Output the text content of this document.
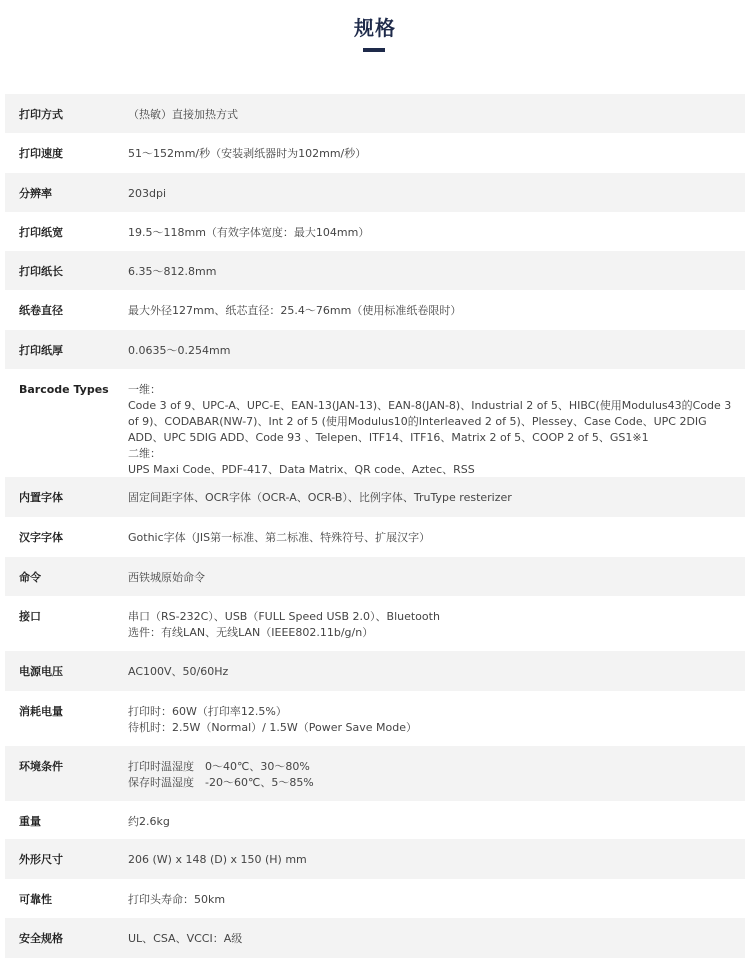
规格
打印方式	（热敏）直接加热方式
打印速度	51～152mm/秒（安装剥纸器时为102mm/秒）
分辨率	203dpi
打印纸宽	19.5～118mm（有效字体宽度：最大104mm）
打印纸长	6.35～812.8mm
纸卷直径	最大外径127mm、纸芯直径：25.4～76mm（使用标准纸卷限时）
打印纸厚	0.0635～0.254mm
Barcode Types	一维：
Code 3 of 9、UPC-A、UPC-E、EAN-13(JAN-13)、EAN-8(JAN-8)、Industrial 2 of 5、HIBC(使用Modulus43的Code 3 of 9)、CODABAR(NW-7)、Int 2 of 5 (使用Modulus10的Interleaved 2 of 5)、Plessey、Case Code、UPC 2DIG ADD、UPC 5DIG ADD、Code 93 、Telepen、ITF14、ITF16、Matrix 2 of 5、COOP 2 of 5、GS1※1
二维：
UPS Maxi Code、PDF-417、Data Matrix、QR code、Aztec、RSS
内置字体	固定间距字体、OCR字体（OCR-A、OCR-B）、比例字体、TruType resterizer
汉字字体	Gothic字体（JIS第一标准、第二标准、特殊符号、扩展汉字）
命令	西铁城原始命令
接口	串口（RS-232C）、USB（FULL Speed USB 2.0）、Bluetooth
选件：有线LAN、无线LAN（IEEE802.11b/g/n）
电源电压	AC100V、50/60Hz
消耗电量	打印时：60W（打印率12.5%）
待机时：2.5W（Normal）/ 1.5W（Power Save Mode）
环境条件	打印时温湿度　0～40℃、30～80%
保存时温湿度　-20～60℃、5～85%
重量	约2.6kg
外形尺寸	206 (W) x 148 (D) x 150 (H) mm
可靠性	打印头寿命：50km
安全规格	UL、CSA、VCCI：A级
